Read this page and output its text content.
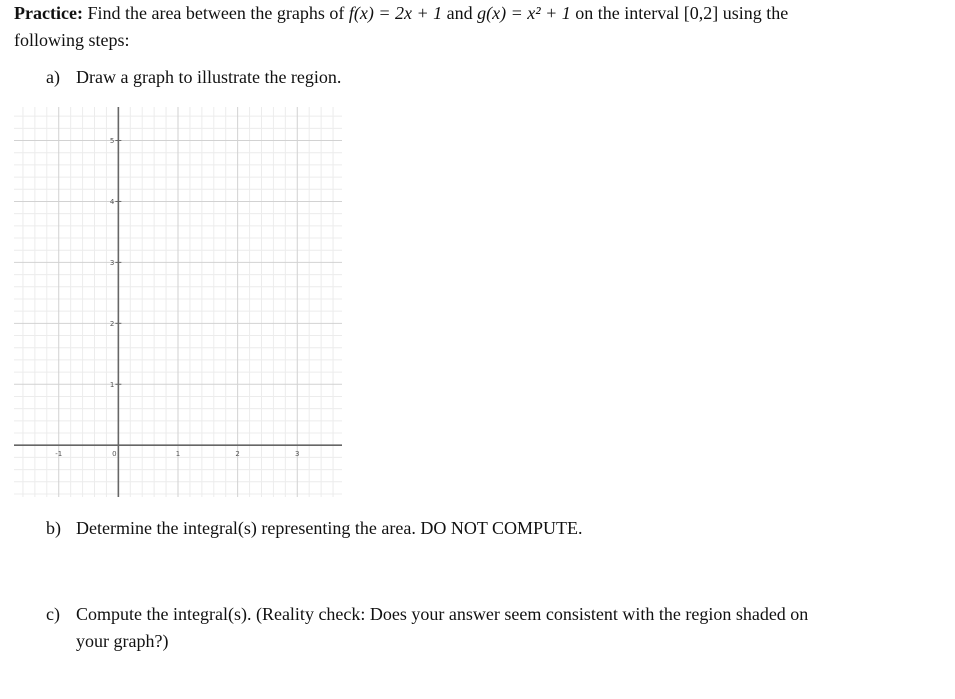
Practice: Find the area between the graphs of f(x) = 2x + 1 and g(x) = x² + 1 on the interval [0,2] using the
following steps:
a) Draw a graph to illustrate the region.
-1	0	1	2	3
1
2
3
4
5
b) Determine the integral(s) representing the area. DO NOT COMPUTE.
c) Compute the integral(s). (Reality check: Does your answer seem consistent with the region shaded on
your graph?)
